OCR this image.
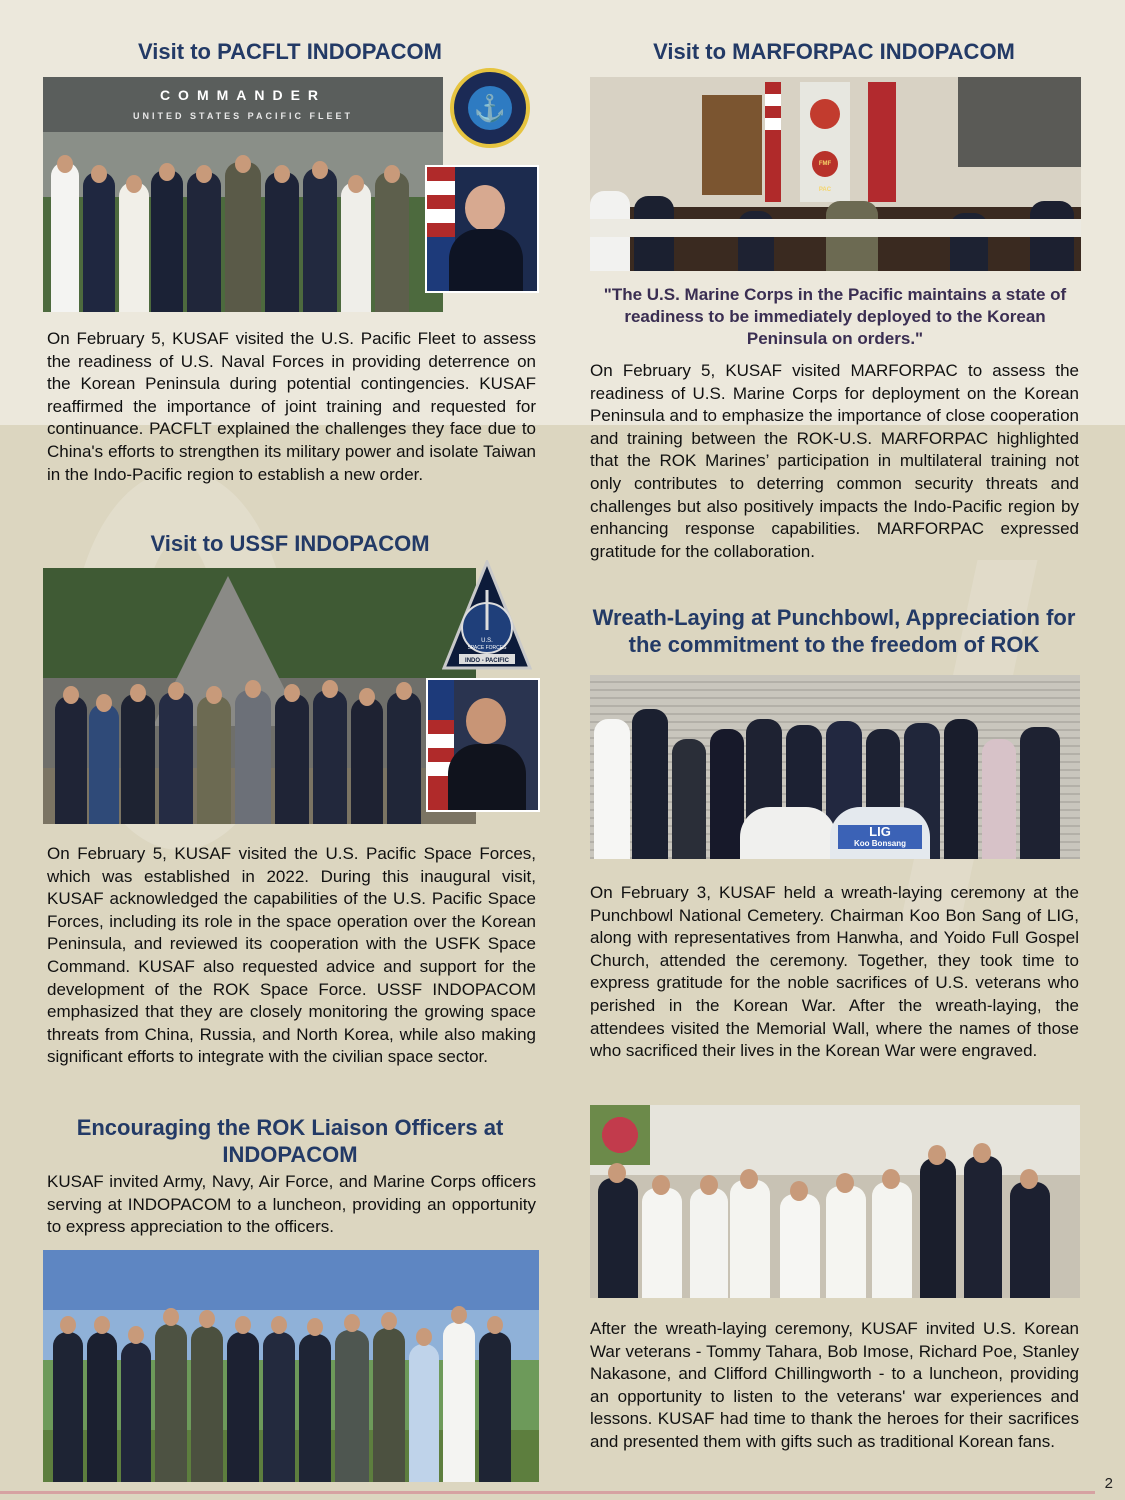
Visit to PACFLT INDOPACOM
COMMANDER
UNITED STATES PACIFIC FLEET	⚓
On February 5, KUSAF visited the U.S. Pacific Fleet to assess the readiness of U.S. Naval Forces in providing deterrence on the Korean Peninsula during potential contingencies. KUSAF reaffirmed the importance of joint training and requested for continuance. PACFLT explained the challenges they face due to China's efforts to strengthen its military power and isolate Taiwan in the Indo-Pacific region to establish a new order.
Visit to USSF INDOPACOM
U.S.
SPACE FORCES
INDO - PACIFIC
On February 5, KUSAF visited the U.S. Pacific Space Forces, which was established in 2022. During this inaugural visit, KUSAF acknowledged the capabilities of the U.S. Pacific Space Forces, including its role in the space operation over the Korean Peninsula, and reviewed its cooperation with the USFK Space Command. KUSAF also requested advice and support for the development of the ROK Space Force. USSF INDOPACOM emphasized that they are closely monitoring the growing space threats from China, Russia, and North Korea, while also making significant efforts to integrate with the civilian space sector.
Encouraging the ROK Liaison Officers at INDOPACOM
KUSAF invited Army, Navy, Air Force, and Marine Corps officers serving at INDOPACOM to a luncheon, providing an opportunity to express appreciation to the officers.
Visit to MARFORPAC INDOPACOM
FMF PAC
"The U.S. Marine Corps in the Pacific maintains a state of readiness to be immediately deployed to the Korean Peninsula on orders."
On February 5, KUSAF visited MARFORPAC to assess the readiness of U.S. Marine Corps for deployment on the Korean Peninsula and to emphasize the importance of close cooperation and training between the ROK-U.S. MARFORPAC highlighted that the ROK Marines’ participation in multilateral training not only contributes to deterring common security threats and challenges but also positively impacts the Indo-Pacific region by enhancing response capabilities. MARFORPAC expressed gratitude for the collaboration.
Wreath-Laying at Punchbowl, Appreciation for the commitment to the freedom of ROK
LIG
Koo Bonsang
On February 3, KUSAF held a wreath-laying ceremony at the Punchbowl National Cemetery. Chairman Koo Bon Sang of LIG, along with representatives from Hanwha, and Yoido Full Gospel Church, attended the ceremony. Together, they took time to express gratitude for the noble sacrifices of U.S. veterans who perished in the Korean War. After the wreath-laying, the attendees visited the Memorial Wall, where the names of those who sacrificed their lives in the Korean War were engraved.
After the wreath-laying ceremony, KUSAF invited U.S. Korean War veterans - Tommy Tahara, Bob Imose, Richard Poe, Stanley Nakasone, and Clifford Chillingworth - to a luncheon, providing an opportunity to listen to the veterans' war experiences and lessons. KUSAF had time to thank the heroes for their sacrifices and presented them with gifts such as traditional Korean fans.
2
